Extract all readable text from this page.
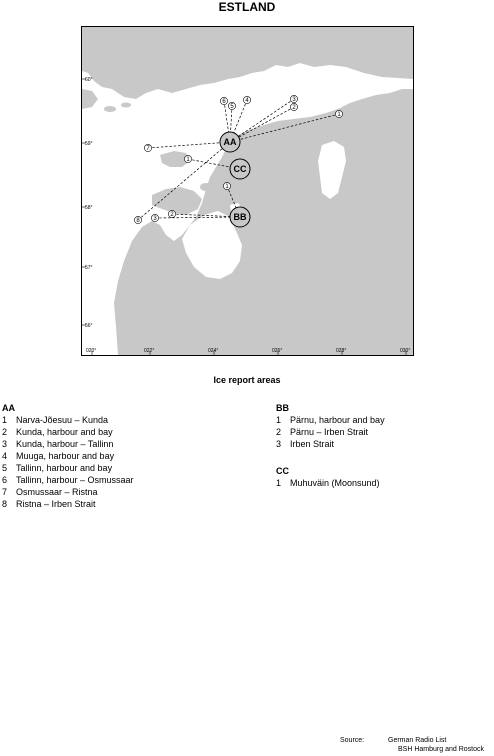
ESTLAND
60°
59°
58°
57°
56°
020°	022°	024°	026°	028°	030°
1
2
3
4
5
6
7
8
1
1
2
3
AA
CC
BB
Ice report areas
AA
1 Narva-Jõesuu – Kunda
2 Kunda, harbour and bay
3 Kunda, harbour – Tallinn
4 Muuga, harbour and bay
5 Tallinn, harbour and bay
6 Tallinn, harbour – Osmussaar
7 Osmussaar – Ristna
8 Ristna – Irben Strait
BB
1 Pärnu, harbour and bay
2 Pärnu – Irben Strait
3 Irben Strait
CC
1 Muhuväin (Moonsund)
Source:	German Radio List
BSH Hamburg and Rostock
